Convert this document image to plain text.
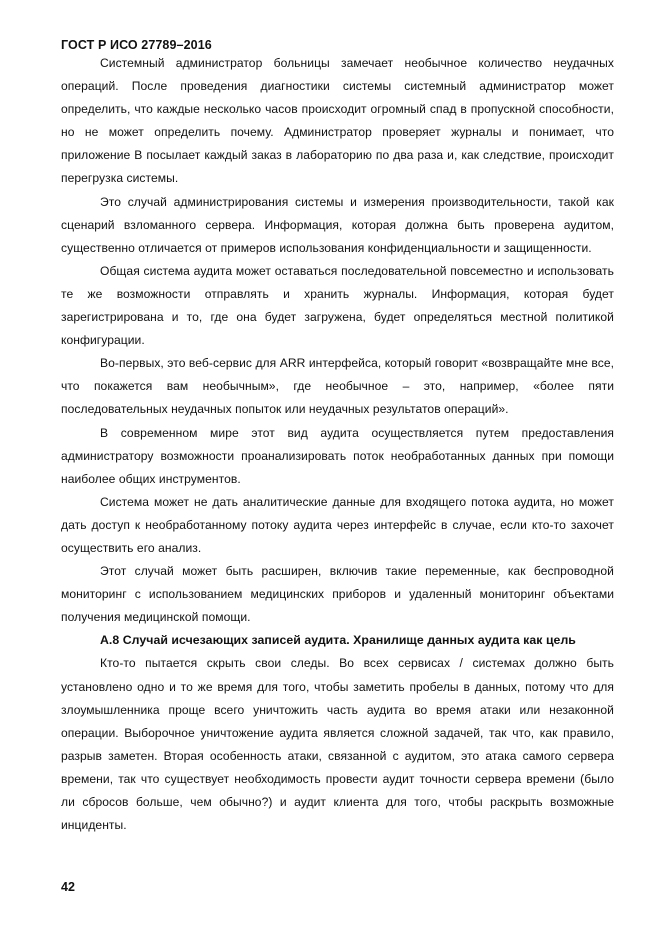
ГОСТ Р ИСО 27789–2016

Системный администратор больницы замечает необычное количество неудачных операций. После проведения диагностики системы системный администратор может определить, что каждые несколько часов происходит огромный спад в пропускной способности, но не может определить почему. Администратор проверяет журналы и понимает, что приложение В посылает каждый заказ в лабораторию по два раза и, как следствие, происходит перегрузка системы.

Это случай администрирования системы и измерения производительности, такой как сценарий взломанного сервера. Информация, которая должна быть проверена аудитом, существенно отличается от примеров использования конфиденциальности и защищенности.

Общая система аудита может оставаться последовательной повсеместно и использовать те же возможности отправлять и хранить журналы. Информация, которая будет зарегистрирована и то, где она будет загружена, будет определяться местной политикой конфигурации.

Во-первых, это веб-сервис для ARR интерфейса, который говорит «возвращайте мне все, что покажется вам необычным», где необычное – это, например, «более пяти последовательных неудачных попыток или неудачных результатов операций».

В современном мире этот вид аудита осуществляется путем предоставления администратору возможности проанализировать поток необработанных данных при помощи наиболее общих инструментов.

Система может не дать аналитические данные для входящего потока аудита, но может дать доступ к необработанному потоку аудита через интерфейс в случае, если кто-то захочет осуществить его анализ.

Этот случай может быть расширен, включив такие переменные, как беспроводной мониторинг с использованием медицинских приборов и удаленный мониторинг объектами получения медицинской помощи.

А.8 Случай исчезающих записей аудита. Хранилище данных аудита как цель

Кто-то пытается скрыть свои следы. Во всех сервисах / системах должно быть установлено одно и то же время для того, чтобы заметить пробелы в данных, потому что для злоумышленника проще всего уничтожить часть аудита во время атаки или незаконной операции. Выборочное уничтожение аудита является сложной задачей, так что, как правило, разрыв заметен. Вторая особенность атаки, связанной с аудитом, это атака самого сервера времени, так что существует необходимость провести аудит точности сервера времени (было ли сбросов больше, чем обычно?) и аудит клиента для того, чтобы раскрыть возможные инциденты.

42
